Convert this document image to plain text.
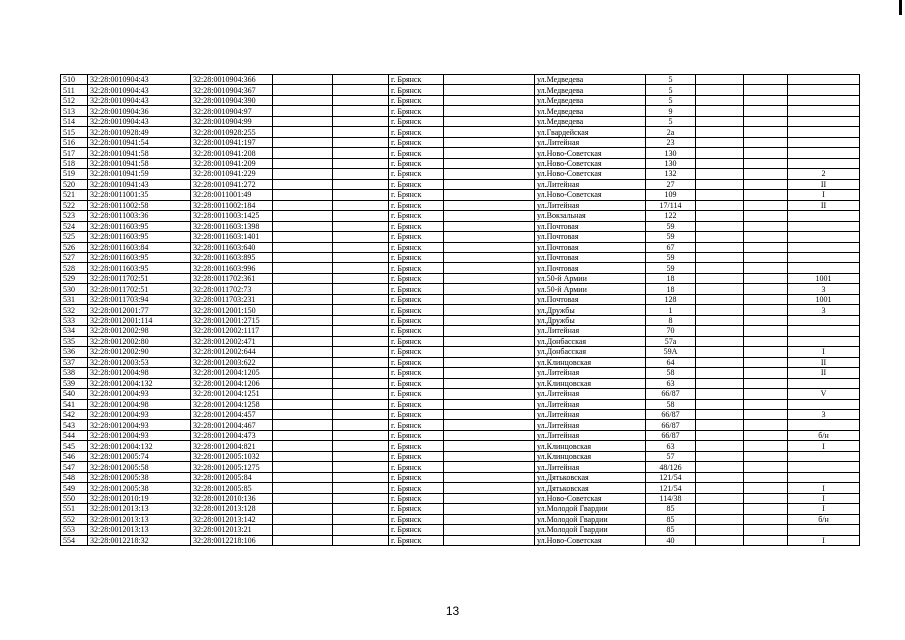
510	32:28:0010904:43	32:28:0010904:366			г. Брянск		ул.Медведева	5			
511	32:28:0010904:43	32:28:0010904:367			г. Брянск		ул.Медведева	5			
512	32:28:0010904:43	32:28:0010904:390			г. Брянск		ул.Медведева	5			
513	32:28:0010904:36	32:28:0010904:97			г. Брянск		ул.Медведева	9			
514	32:28:0010904:43	32:28:0010904:99			г. Брянск		ул.Медведева	5			
515	32:28:0010928:49	32:28:0010928:255			г. Брянск		ул.Гвардейская	2а			
516	32:28:0010941:54	32:28:0010941:197			г. Брянск		ул.Литейная	23			
517	32:28:0010941:58	32:28:0010941:208			г. Брянск		ул.Ново-Советская	130			
518	32:28:0010941:58	32:28:0010941:209			г. Брянск		ул.Ново-Советская	130			
519	32:28:0010941:59	32:28:0010941:229			г. Брянск		ул.Ново-Советская	132			2
520	32:28:0010941:43	32:28:0010941:272			г. Брянск		ул.Литейная	27			II
521	32:28:0011001:35	32:28:0011001:49			г. Брянск		ул.Ново-Советская	109			I
522	32:28:0011002:58	32:28:0011002:184			г. Брянск		ул.Литейная	17/114			II
523	32:28:0011003:36	32:28:0011003:1425			г. Брянск		ул.Вокзальная	122			
524	32:28:0011603:95	32:28:0011603:1398			г. Брянск		ул.Почтовая	59			
525	32:28:0011603:95	32:28:0011603:1401			г. Брянск		ул.Почтовая	59			
526	32:28:0011603:84	32:28:0011603:640			г. Брянск		ул.Почтовая	67			
527	32:28:0011603:95	32:28:0011603:895			г. Брянск		ул.Почтовая	59			
528	32:28:0011603:95	32:28:0011603:996			г. Брянск		ул.Почтовая	59			
529	32:28:0011702:51	32:28:0011702:361			г. Брянск		ул.50-й Армии	18			1001
530	32:28:0011702:51	32:28:0011702:73			г. Брянск		ул.50-й Армии	18			3
531	32:28:0011703:94	32:28:0011703:231			г. Брянск		ул.Почтовая	128			1001
532	32:28:0012001:77	32:28:0012001:150			г. Брянск		ул.Дружбы	1			3
533	32:28:0012001:114	32:28:0012001:2715			г. Брянск		ул.Дружбы	8			
534	32:28:0012002:98	32:28:0012002:1117			г. Брянск		ул.Литейная	70			
535	32:28:0012002:80	32:28:0012002:471			г. Брянск		ул.Донбасская	57а			
536	32:28:0012002:90	32:28:0012002:644			г. Брянск		ул.Донбасская	59А			I
537	32:28:0012003:53	32:28:0012003:622			г. Брянск		ул.Клинцовская	64			II
538	32:28:0012004:98	32:28:0012004:1205			г. Брянск		ул.Литейная	58			II
539	32:28:0012004:132	32:28:0012004:1206			г. Брянск		ул.Клинцовская	63			
540	32:28:0012004:93	32:28:0012004:1251			г. Брянск		ул.Литейная	66/87			V
541	32:28:0012004:98	32:28:0012004:1258			г. Брянск		ул.Литейная	58			
542	32:28:0012004:93	32:28:0012004:457			г. Брянск		ул.Литейная	66/87			3
543	32:28:0012004:93	32:28:0012004:467			г. Брянск		ул.Литейная	66/87			
544	32:28:0012004:93	32:28:0012004:473			г. Брянск		ул.Литейная	66/87			б/н
545	32:28:0012004:132	32:28:0012004:821			г. Брянск		ул.Клинцовская	63			I
546	32:28:0012005:74	32:28:0012005:1032			г. Брянск		ул.Клинцовская	57			
547	32:28:0012005:58	32:28:0012005:1275			г. Брянск		ул.Литейная	48/126			
548	32:28:0012005:38	32:28:0012005:84			г. Брянск		ул.Дятьковская	121/54			
549	32:28:0012005:38	32:28:0012005:85			г. Брянск		ул.Дятьковская	121/54			I
550	32:28:0012010:19	32:28:0012010:136			г. Брянск		ул.Ново-Советская	114/38			I
551	32:28:0012013:13	32:28:0012013:128			г. Брянск		ул.Молодой Гвардии	85			I
552	32:28:0012013:13	32:28:0012013:142			г. Брянск		ул.Молодой Гвардии	85			б/н
553	32:28:0012013:13	32:28:0012013:21			г. Брянск		ул.Молодой Гвардии	85			
554	32:28:0012218:32	32:28:0012218:106			г. Брянск		ул.Ново-Советская	40			I
13
